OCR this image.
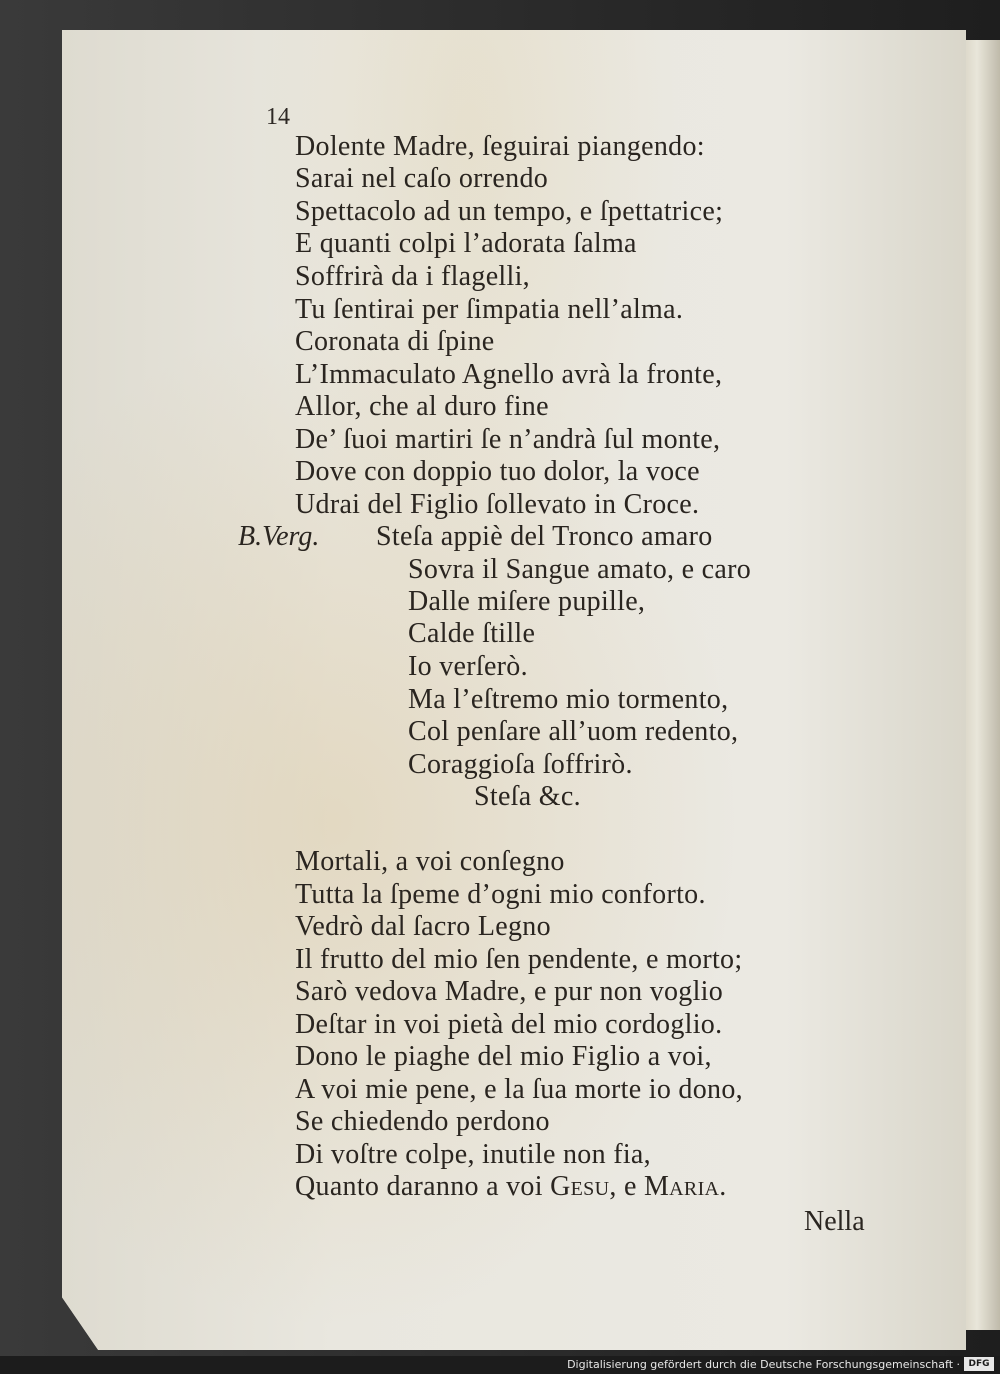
14
Dolente Madre, ſeguirai piangendo:
Sarai nel caſo orrendo
Spettacolo ad un tempo, e ſpettatrice;
E quanti colpi l’adorata ſalma
Soffrirà da i flagelli,
Tu ſentirai per ſimpatia nell’alma.
Coronata di ſpine
L’Immaculato Agnello avrà la fronte,
Allor, che al duro fine
De’ ſuoi martiri ſe n’andrà ſul monte,
Dove con doppio tuo dolor, la voce
Udrai del Figlio ſollevato in Croce.
B.Verg. Steſa appiè del Tronco amaro
Sovra il Sangue amato, e caro
Dalle miſere pupille,
Calde ſtille
Io verſerò.
Ma l’eſtremo mio tormento,
Col penſare all’uom redento,
Coraggioſa ſoffrirò.
Steſa &c.
Mortali, a voi conſegno
Tutta la ſpeme d’ogni mio conforto.
Vedrò dal ſacro Legno
Il frutto del mio ſen pendente, e morto;
Sarò vedova Madre, e pur non voglio
Deſtar in voi pietà del mio cordoglio.
Dono le piaghe del mio Figlio a voi,
A voi mie pene, e la ſua morte io dono,
Se chiedendo perdono
Di voſtre colpe, inutile non fia,
Quanto daranno a voi Gesu, e Maria.
Nella
Digitalisierung gefördert durch die Deutsche Forschungsgemeinschaft · DFG
